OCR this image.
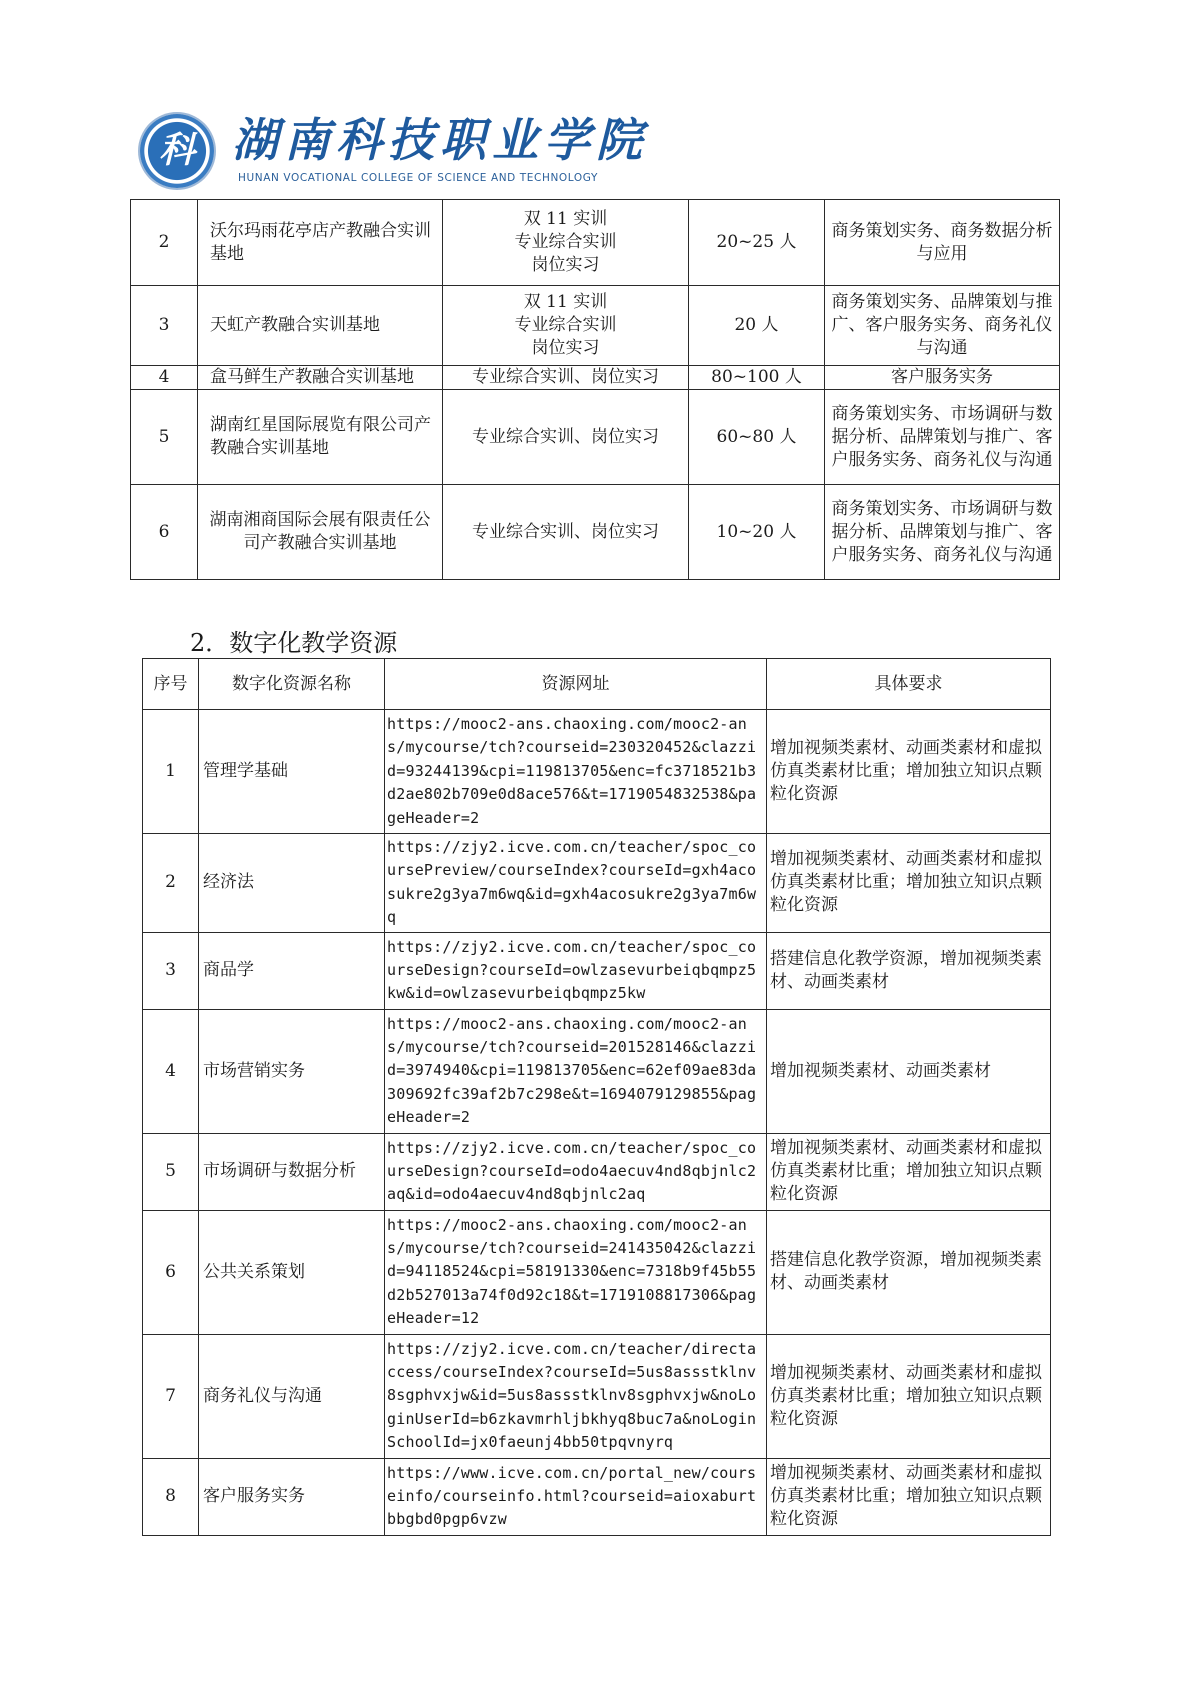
科 湖南科技职业学院
HUNAN VOCATIONAL COLLEGE OF SCIENCE AND TECHNOLOGY
2	沃尔玛雨花亭店产教融合实训基地	双 11 实训
专业综合实训
岗位实习	20~25 人	商务策划实务、商务数据分析与应用
3	天虹产教融合实训基地	双 11 实训
专业综合实训
岗位实习	20 人	商务策划实务、品牌策划与推广、客户服务实务、商务礼仪与沟通
4	盒马鲜生产教融合实训基地	专业综合实训、岗位实习	80~100 人	客户服务实务
5	湖南红星国际展览有限公司产教融合实训基地	专业综合实训、岗位实习	60~80 人	商务策划实务、市场调研与数据分析、品牌策划与推广、客户服务实务、商务礼仪与沟通
6	湖南湘商国际会展有限责任公司产教融合实训基地	专业综合实训、岗位实习	10~20 人	商务策划实务、市场调研与数据分析、品牌策划与推广、客户服务实务、商务礼仪与沟通
2．数字化教学资源
序号	数字化资源名称	资源网址	具体要求
1	管理学基础	https://mooc2-ans.chaoxing.com/mooc2-ans/mycourse/tch?courseid=230320452&clazzid=93244139&cpi=119813705&enc=fc3718521b3d2ae802b709e0d8ace576&t=1719054832538&pageHeader=2	增加视频类素材、动画类素材和虚拟仿真类素材比重；增加独立知识点颗粒化资源
2	经济法	https://zjy2.icve.com.cn/teacher/spoc_coursePreview/courseIndex?courseId=gxh4acosukre2g3ya7m6wq&id=gxh4acosukre2g3ya7m6wq	增加视频类素材、动画类素材和虚拟仿真类素材比重；增加独立知识点颗粒化资源
3	商品学	https://zjy2.icve.com.cn/teacher/spoc_courseDesign?courseId=owlzasevurbeiqbqmpz5kw&id=owlzasevurbeiqbqmpz5kw	搭建信息化教学资源，增加视频类素材、动画类素材
4	市场营销实务	https://mooc2-ans.chaoxing.com/mooc2-ans/mycourse/tch?courseid=201528146&clazzid=3974940&cpi=119813705&enc=62ef09ae83da309692fc39af2b7c298e&t=1694079129855&pageHeader=2	增加视频类素材、动画类素材
5	市场调研与数据分析	https://zjy2.icve.com.cn/teacher/spoc_courseDesign?courseId=odo4aecuv4nd8qbjnlc2aq&id=odo4aecuv4nd8qbjnlc2aq	增加视频类素材、动画类素材和虚拟仿真类素材比重；增加独立知识点颗粒化资源
6	公共关系策划	https://mooc2-ans.chaoxing.com/mooc2-ans/mycourse/tch?courseid=241435042&clazzid=94118524&cpi=58191330&enc=7318b9f45b55d2b527013a74f0d92c18&t=1719108817306&pageHeader=12	搭建信息化教学资源，增加视频类素材、动画类素材
7	商务礼仪与沟通	https://zjy2.icve.com.cn/teacher/directaccess/courseIndex?courseId=5us8assstklnv8sgphvxjw&id=5us8assstklnv8sgphvxjw&noLoginUserId=b6zkavmrhljbkhyq8buc7a&noLoginSchoolId=jx0faeunj4bb50tpqvnyrq	增加视频类素材、动画类素材和虚拟仿真类素材比重；增加独立知识点颗粒化资源
8	客户服务实务	https://www.icve.com.cn/portal_new/courseinfo/courseinfo.html?courseid=aioxaburtbbgbd0pgp6vzw	增加视频类素材、动画类素材和虚拟仿真类素材比重；增加独立知识点颗粒化资源
